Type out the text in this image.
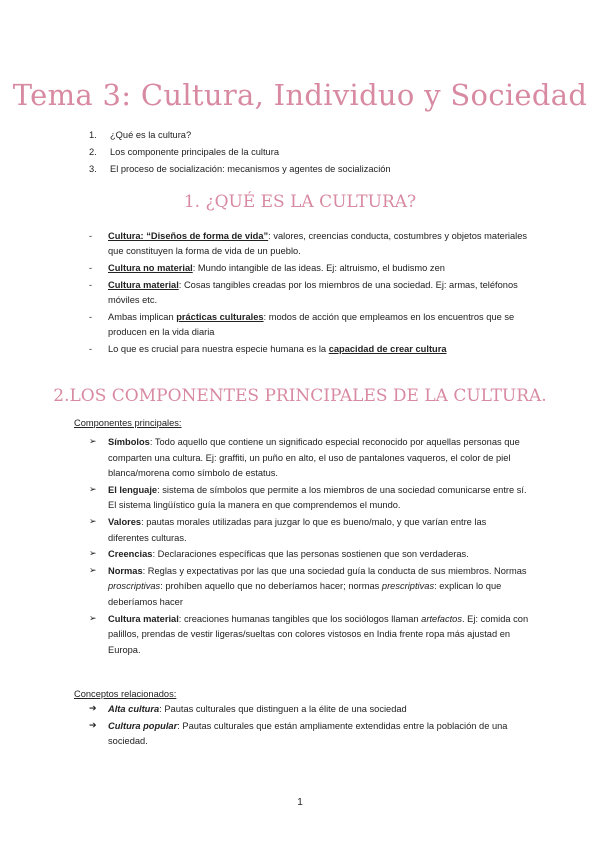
Tema 3: Cultura, Individuo y Sociedad
1. ¿Qué es la cultura?
2. Los componente principales de la cultura
3. El proceso de socialización: mecanismos y agentes de socialización
1. ¿QUÉ ES LA CULTURA?
- Cultura: “Diseños de forma de vida”: valores, creencias conducta, costumbres y objetos materiales que constituyen la forma de vida de un pueblo.
- Cultura no material: Mundo intangible de las ideas. Ej: altruismo, el budismo zen
- Cultura material: Cosas tangibles creadas por los miembros de una sociedad. Ej: armas, teléfonos móviles etc.
- Ambas implican prácticas culturales: modos de acción que empleamos en los encuentros que se producen en la vida diaria
- Lo que es crucial para nuestra especie humana es la capacidad de crear cultura
2.LOS COMPONENTES PRINCIPALES DE LA CULTURA.
Componentes principales:
➢ Símbolos: Todo aquello que contiene un significado especial reconocido por aquellas personas que comparten una cultura. Ej: graffiti, un puño en alto, el uso de pantalones vaqueros, el color de piel blanca/morena como símbolo de estatus.
➢ El lenguaje: sistema de símbolos que permite a los miembros de una sociedad comunicarse entre sí. El sistema lingüístico guía la manera en que comprendemos el mundo.
➢ Valores: pautas morales utilizadas para juzgar lo que es bueno/malo, y que varían entre las diferentes culturas.
➢ Creencias: Declaraciones específicas que las personas sostienen que son verdaderas.
➢ Normas: Reglas y expectativas por las que una sociedad guía la conducta de sus miembros. Normas proscriptivas: prohíben aquello que no deberíamos hacer; normas prescriptivas: explican lo que deberíamos hacer
➢ Cultura material: creaciones humanas tangibles que los sociólogos llaman artefactos. Ej: comida con palillos, prendas de vestir ligeras/sueltas con colores vistosos en India frente ropa más ajustad en Europa.
Conceptos relacionados:
➔ Alta cultura: Pautas culturales que distinguen a la élite de una sociedad
➔ Cultura popular: Pautas culturales que están ampliamente extendidas entre la población de una sociedad.
1
